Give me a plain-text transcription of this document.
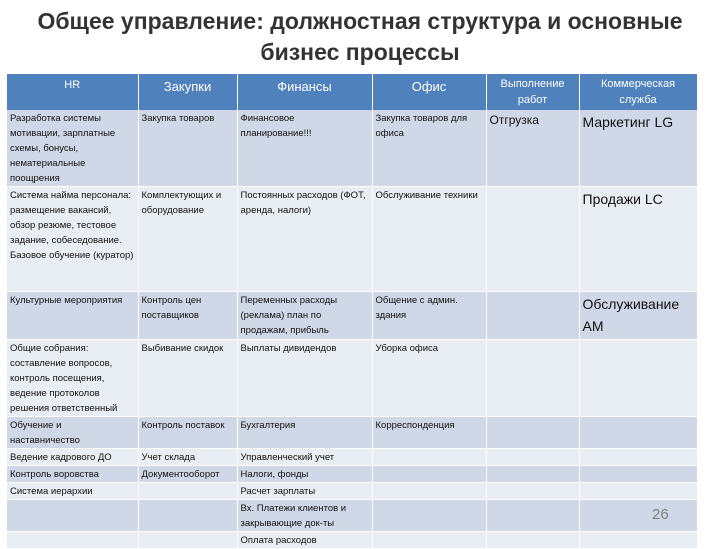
Общее управление: должностная структура и основные бизнес процессы
HR	Закупки	Финансы	Офис	Выполнение работ	Коммерческая служба
Разработка системы мотивации, зарплатные схемы, бонусы, нематериальные поощрения	Закупка товаров	Финансовое планирование!!!	Закупка товаров для офиса	Отгрузка	Маркетинг LG
Система найма персонала: размещение вакансий, обзор резюме, тестовое задание, собеседование. Базовое обучение (куратор)	Комплектующих и оборудование	Постоянных расходов (ФОТ, аренда, налоги)	Обслуживание техники		Продажи LC
Культурные мероприятия	Контроль цен поставщиков	Переменных расходы (реклама) план по продажам, прибыль	Общение с админ. здания		Обслуживание AM
Общие собрания: составление вопросов, контроль посещения, ведение протоколов решения ответственный	Выбивание скидок	Выплаты дивидендов	Уборка офиса		
Обучение и наставничество	Контроль поставок	Бухгалтерия	Корреспонденция		
Ведение кадрового ДО	Учет склада	Управленческий учет			
Контроль воровства	Документооборот	Налоги, фонды			
Система иерархии		Расчет зарплаты			
		Вх. Платежи клиентов и закрывающие док-ты			
		Оплата расходов			
26
